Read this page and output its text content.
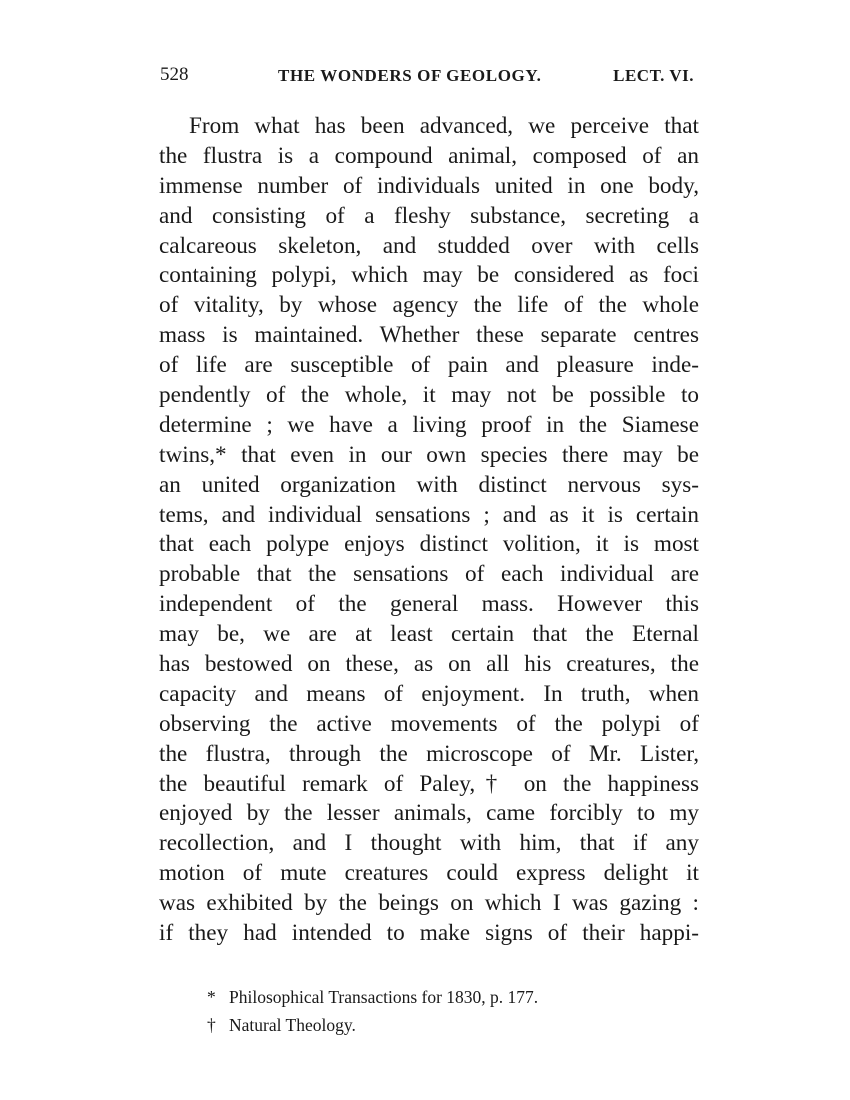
528	THE WONDERS OF GEOLOGY.	LECT. VI.
From what has been advanced, we perceive that
the flustra is a compound animal, composed of an
immense number of individuals united in one body,
and consisting of a fleshy substance, secreting a
calcareous skeleton, and studded over with cells
containing polypi, which may be considered as foci
of vitality, by whose agency the life of the whole
mass is maintained. Whether these separate centres
of life are susceptible of pain and pleasure inde-
pendently of the whole, it may not be possible to
determine ; we have a living proof in the Siamese
twins,* that even in our own species there may be
an united organization with distinct nervous sys-
tems, and individual sensations ; and as it is certain
that each polype enjoys distinct volition, it is most
probable that the sensations of each individual are
independent of the general mass. However this
may be, we are at least certain that the Eternal
has bestowed on these, as on all his creatures, the
capacity and means of enjoyment. In truth, when
observing the active movements of the polypi of
the flustra, through the microscope of Mr. Lister,
the beautiful remark of Paley,† on the happiness
enjoyed by the lesser animals, came forcibly to my
recollection, and I thought with him, that if any
motion of mute creatures could express delight it
was exhibited by the beings on which I was gazing :
if they had intended to make signs of their happi-
* Philosophical Transactions for 1830, p. 177.
† Natural Theology.
